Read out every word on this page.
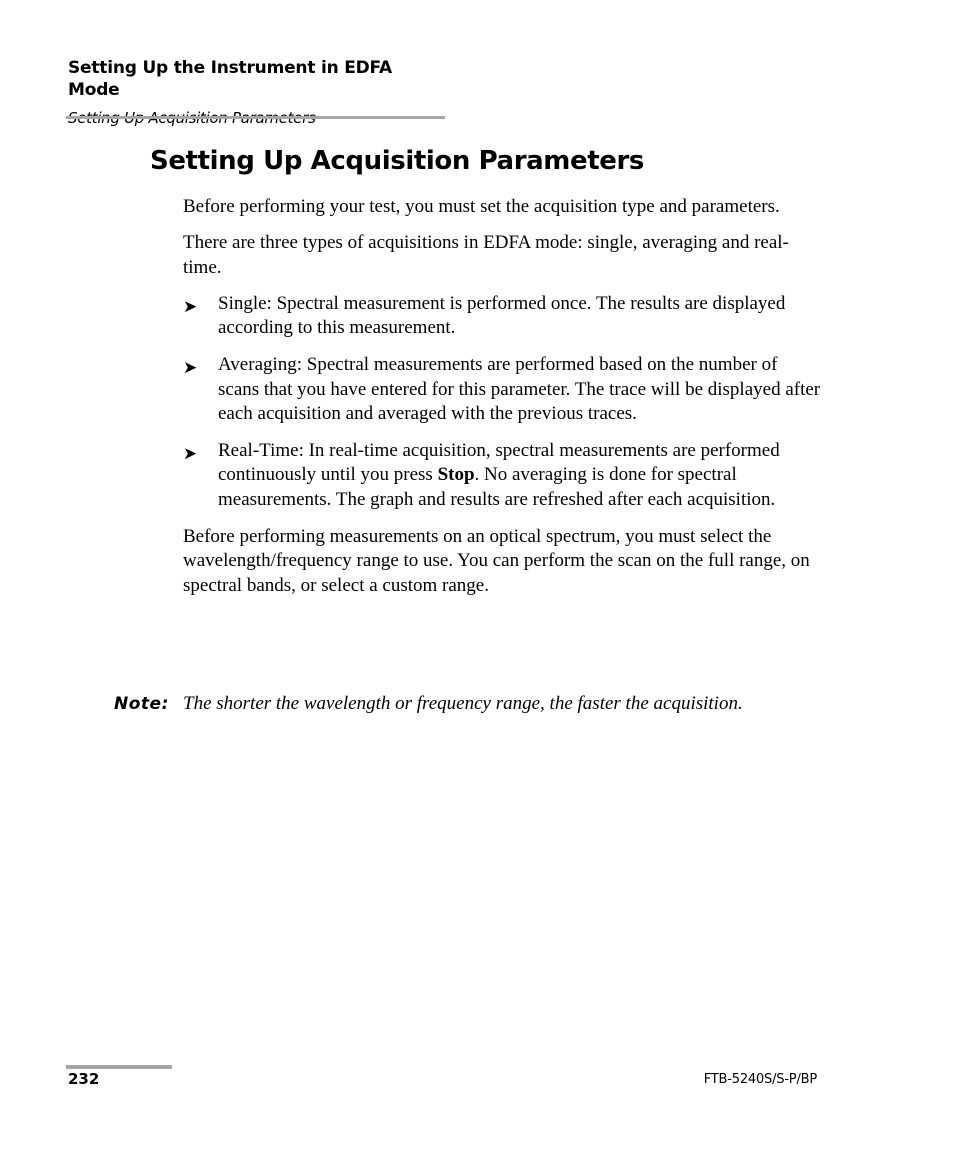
Setting Up the Instrument in EDFA Mode
Setting Up Acquisition Parameters

Before performing your test, you must set the acquisition type and parameters.

There are three types of acquisitions in EDFA mode: single, averaging and real-time.

➤	Single: Spectral measurement is performed once. The results are displayed according to this measurement.
➤	Averaging: Spectral measurements are performed based on the number of scans that you have entered for this parameter. The trace will be displayed after each acquisition and averaged with the previous traces.
➤	Real-Time: In real-time acquisition, spectral measurements are performed continuously until you press Stop. No averaging is done for spectral measurements. The graph and results are refreshed after each acquisition.

Before performing measurements on an optical spectrum, you must select the wavelength/frequency range to use. You can perform the scan on the full range, on spectral bands, or select a custom range.

Note: The shorter the wavelength or frequency range, the faster the acquisition.
232	FTB-5240S/S-P/BP
